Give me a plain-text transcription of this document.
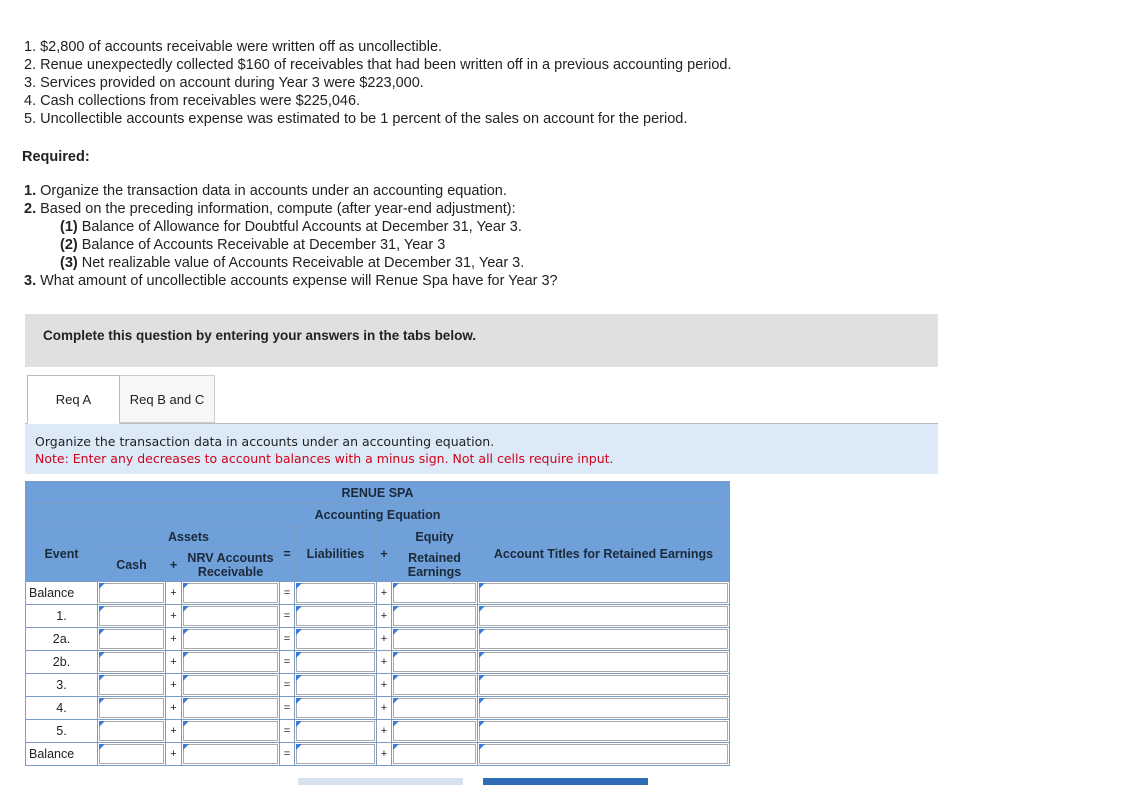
1. $2,800 of accounts receivable were written off as uncollectible.
2. Renue unexpectedly collected $160 of receivables that had been written off in a previous accounting period.
3. Services provided on account during Year 3 were $223,000.
4. Cash collections from receivables were $225,046.
5. Uncollectible accounts expense was estimated to be 1 percent of the sales on account for the period.
Required:
1. Organize the transaction data in accounts under an accounting equation.
2. Based on the preceding information, compute (after year-end adjustment):
(1) Balance of Allowance for Doubtful Accounts at December 31, Year 3.
(2) Balance of Accounts Receivable at December 31, Year 3
(3) Net realizable value of Accounts Receivable at December 31, Year 3.
3. What amount of uncollectible accounts expense will Renue Spa have for Year 3?
Complete this question by entering your answers in the tabs below.
Req A	Req B and C
Organize the transaction data in accounts under an accounting equation.
Note: Enter any decreases to account balances with a minus sign. Not all cells require input.
RENUE SPA								
Accounting Equation								
Event	Assets			=	Liabilities	+	Equity	Account Titles for Retained Earnings
	Cash	+	NRV Accounts Receivable				Retained Earnings	
Balance		+		=		+	

1.		+		=		+	

2a.		+		=		+	

2b.		+		=		+	

3.		+		=		+	

4.		+		=		+	

5.		+		=		+	

Balance		+		=		+	
